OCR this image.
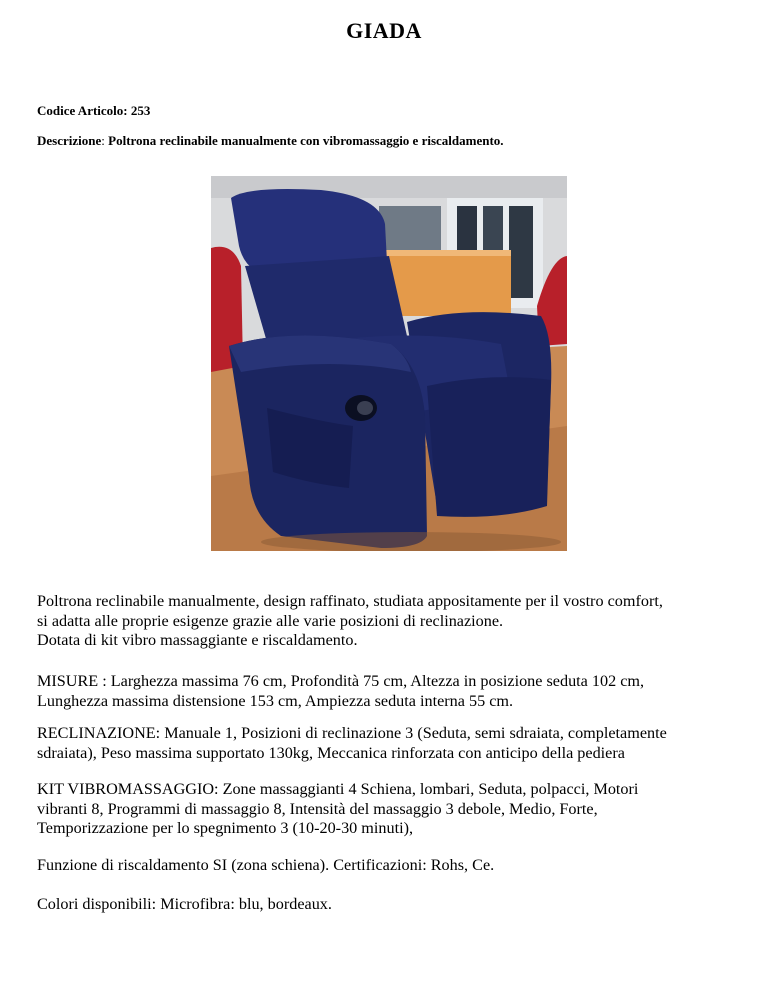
GIADA
Codice Articolo: 253
Descrizione: Poltrona reclinabile manualmente con vibromassaggio e riscaldamento.
Poltrona reclinabile manualmente, design raffinato, studiata appositamente per il vostro comfort,
si adatta alle proprie esigenze grazie alle varie posizioni di reclinazione.
Dotata di kit vibro massaggiante e riscaldamento.
MISURE : Larghezza massima 76 cm, Profondità 75 cm, Altezza in posizione seduta 102 cm,
Lunghezza massima distensione 153 cm, Ampiezza seduta interna 55 cm.
RECLINAZIONE: Manuale 1, Posizioni di reclinazione 3 (Seduta, semi sdraiata, completamente
sdraiata), Peso massima supportato 130kg, Meccanica rinforzata con anticipo della pediera
KIT VIBROMASSAGGIO: Zone massaggianti 4 Schiena, lombari, Seduta, polpacci, Motori
vibranti 8, Programmi di massaggio 8, Intensità del massaggio 3 debole, Medio, Forte,
Temporizzazione per lo spegnimento 3 (10-20-30 minuti),
Funzione di riscaldamento SI (zona schiena). Certificazioni: Rohs, Ce.
Colori disponibili: Microfibra: blu, bordeaux.
